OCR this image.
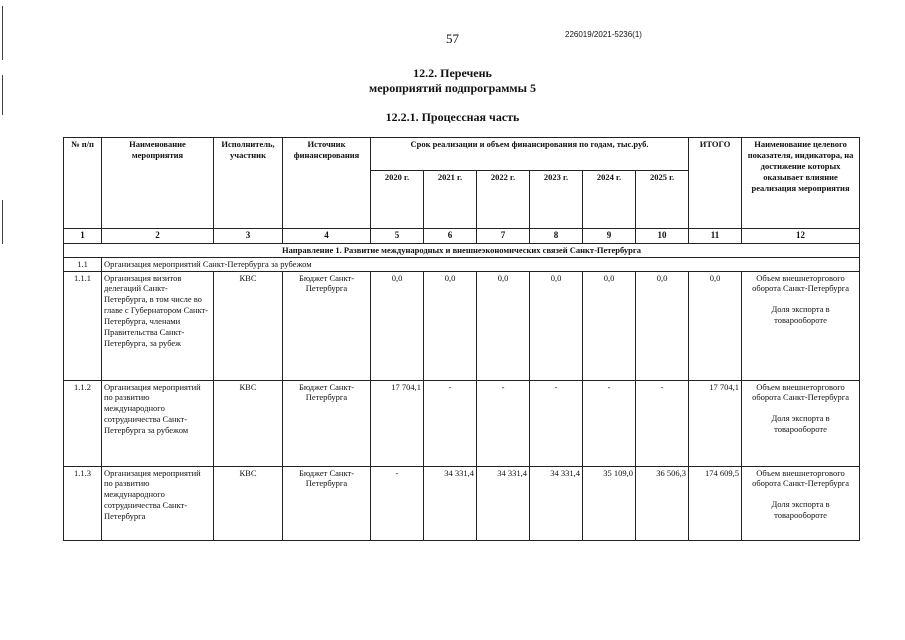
57	226019/2021-5236(1)
12.2. Перечень
мероприятий подпрограммы 5
12.2.1. Процессная часть
№ п/п	Наименование мероприятия	Исполнитель, участник	Источник финансирования	Срок реализации и объем финансирования по годам, тыс.руб.						ИТОГО	Наименование целевого показателя, индикатора, на достижение которых оказывает влияние реализация мероприятия
				2020 г.	2021 г.	2022 г.	2023 г.	2024 г.	2025 г.		
1	2	3	4	5	6	7	8	9	10	11	12
Направление 1. Развитие международных и внешнеэкономических связей Санкт-Петербурга											
1.1	Организация мероприятий Санкт-Петербурга за рубежом										
1.1.1	Организация визитов делегаций Санкт-Петербурга, в том числе во главе с Губернатором Санкт-Петербурга, членами Правительства Санкт-Петербурга, за рубеж	КВС	Бюджет Санкт-Петербурга	0,0	0,0	0,0	0,0	0,0	0,0	0,0	Объем внешнеторгового оборота Санкт-Петербурга
Доля экспорта в товарообороте

1.1.2	Организация мероприятий по развитию международного сотрудничества Санкт-Петербурга за рубежом	КВС	Бюджет Санкт-Петербурга	17 704,1	-	-	-	-	-	17 704,1	Объем внешнеторгового оборота Санкт-Петербурга
Доля экспорта в товарообороте

1.1.3	Организация мероприятий по развитию международного сотрудничества Санкт-Петербурга	КВС	Бюджет Санкт-Петербурга	-	34 331,4	34 331,4	34 331,4	35 109,0	36 506,3	174 609,5	Объем внешнеторгового оборота Санкт-Петербурга
Доля экспорта в товарообороте
